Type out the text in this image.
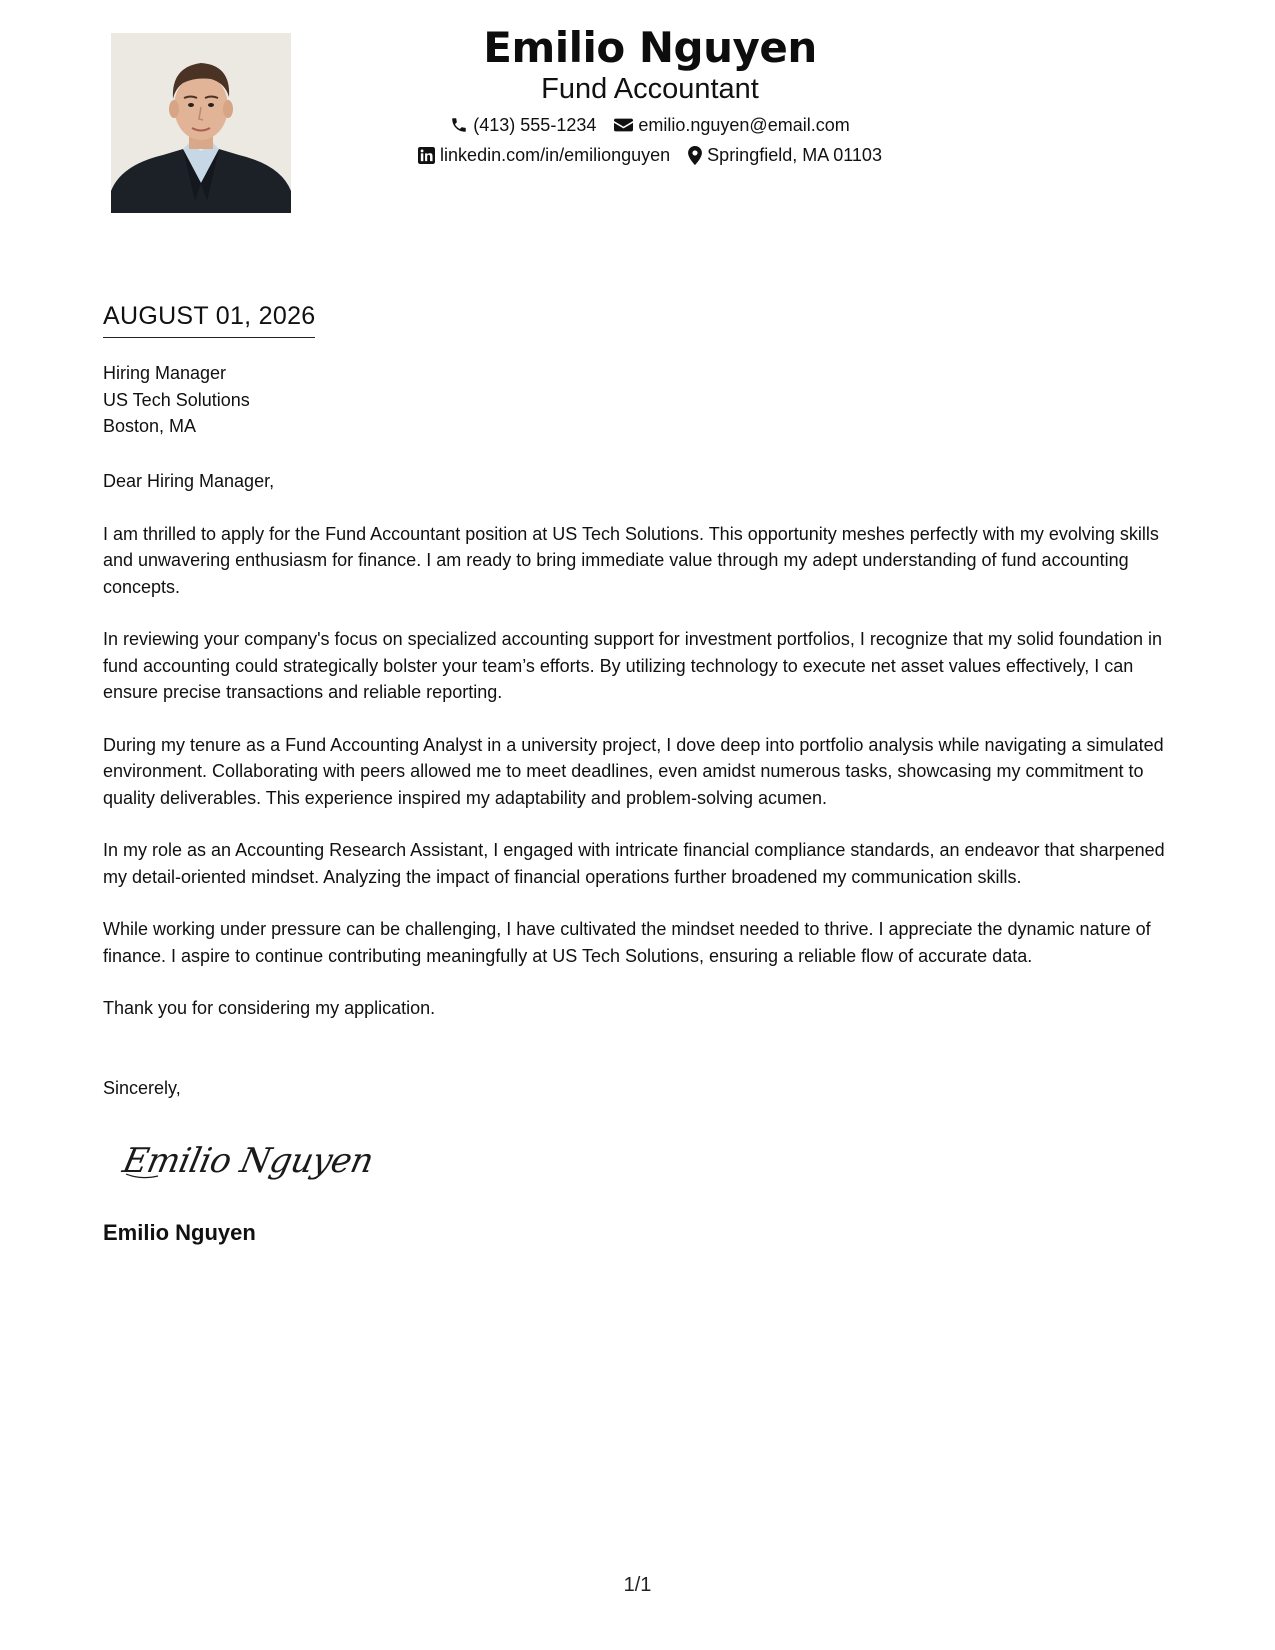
Emilio Nguyen
Fund Accountant
(413) 555-1234 emilio.nguyen@email.com
linkedin.com/in/emilionguyen Springfield, MA 01103
AUGUST 01, 2026
Hiring Manager
US Tech Solutions
Boston, MA

Dear Hiring Manager,

I am thrilled to apply for the Fund Accountant position at US Tech Solutions. This opportunity meshes perfectly with my evolving skills and unwavering enthusiasm for finance. I am ready to bring immediate value through my adept understanding of fund accounting concepts.

In reviewing your company's focus on specialized accounting support for investment portfolios, I recognize that my solid foundation in fund accounting could strategically bolster your team’s efforts. By utilizing technology to execute net asset values effectively, I can ensure precise transactions and reliable reporting.

During my tenure as a Fund Accounting Analyst in a university project, I dove deep into portfolio analysis while navigating a simulated environment. Collaborating with peers allowed me to meet deadlines, even amidst numerous tasks, showcasing my commitment to quality deliverables. This experience inspired my adaptability and problem-solving acumen.

In my role as an Accounting Research Assistant, I engaged with intricate financial compliance standards, an endeavor that sharpened my detail-oriented mindset. Analyzing the impact of financial operations further broadened my communication skills.

While working under pressure can be challenging, I have cultivated the mindset needed to thrive. I appreciate the dynamic nature of finance. I aspire to continue contributing meaningfully at US Tech Solutions, ensuring a reliable flow of accurate data.

Thank you for considering my application.

Sincerely,
Emilio Nguyen
Emilio Nguyen
1/1
